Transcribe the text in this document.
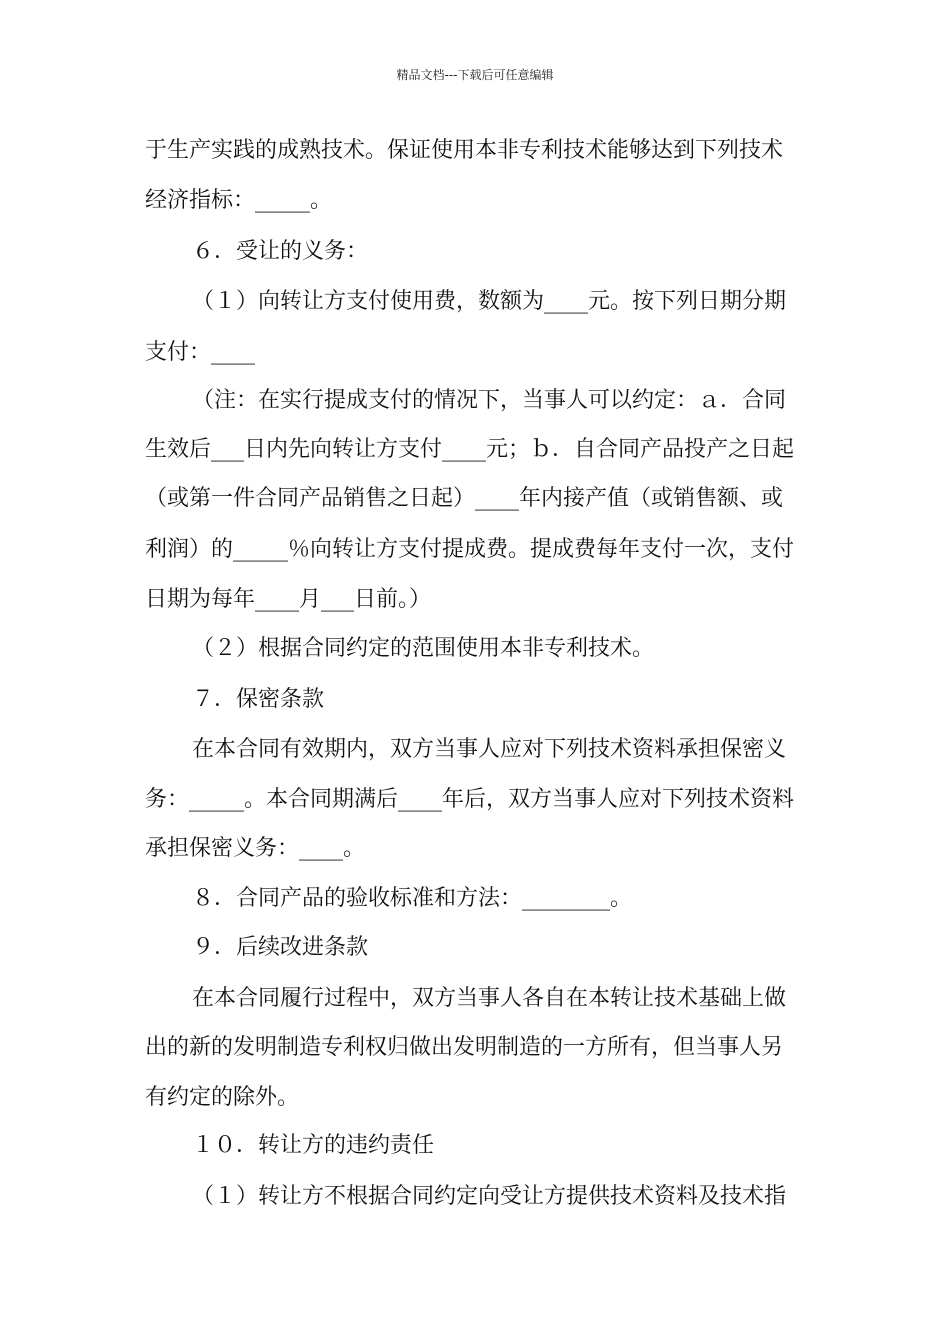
精品文档---下载后可任意编辑
于生产实践的成熟技术。保证使用本非专利技术能够达到下列技术
经济指标：_____。
６．受让的义务：
（１）向转让方支付使用费，数额为____元。按下列日期分期
支付：____
（注：在实行提成支付的情况下，当事人可以约定：ａ．合同
生效后___日内先向转让方支付____元；ｂ．自合同产品投产之日起
（或第一件合同产品销售之日起）____年内接产值（或销售额、或
利润）的_____％向转让方支付提成费。提成费每年支付一次，支付
日期为每年____月___日前。）
（２）根据合同约定的范围使用本非专利技术。
７．保密条款
在本合同有效期内，双方当事人应对下列技术资料承担保密义
务：_____。本合同期满后____年后，双方当事人应对下列技术资料
承担保密义务：____。
８．合同产品的验收标准和方法：________。
９．后续改进条款
在本合同履行过程中，双方当事人各自在本转让技术基础上做
出的新的发明制造专利权归做出发明制造的一方所有，但当事人另
有约定的除外。
１０．转让方的违约责任
（１）转让方不根据合同约定向受让方提供技术资料及技术指
